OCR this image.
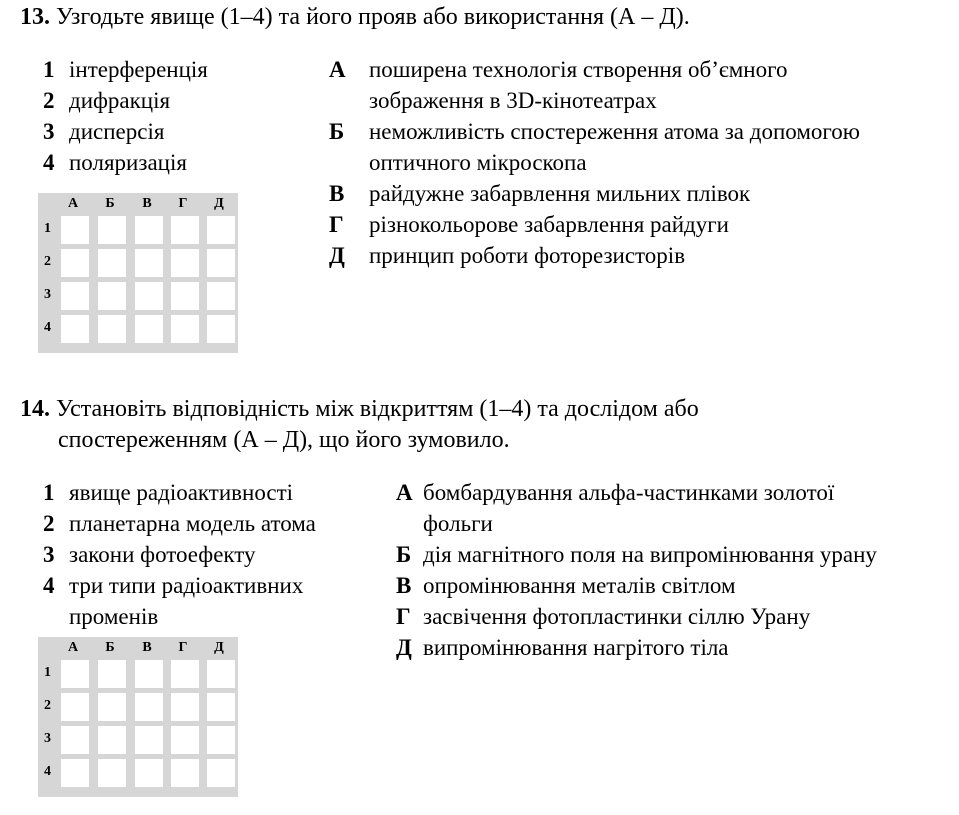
13. Узгодьте явище (1–4) та його прояв або використання (А – Д).
1 інтерференція
2 дифракція
3 дисперсія
4 поляризація
А поширена технологія створення об’ємного
зображення в 3D-кінотеатрах
Б неможливість спостереження атома за допомогою
оптичного мікроскопа
В райдужне забарвлення мильних плівок
Г різнокольорове забарвлення райдуги
Д принцип роботи фоторезисторів
А	Б	В	Г	Д
1
2
3
4
14. Установіть відповідність між відкриттям (1–4) та дослідом або
спостереженням (А – Д), що його зумовило.
1 явище радіоактивності
2 планетарна модель атома
3 закони фотоефекту
4 три типи радіоактивних
променів
А бомбардування альфа-частинками золотої
фольги
Б дія магнітного поля на випромінювання урану
В опромінювання металів світлом
Г засвічення фотопластинки сіллю Урану
Д випромінювання нагрітого тіла
А	Б	В	Г	Д
1
2
3
4
